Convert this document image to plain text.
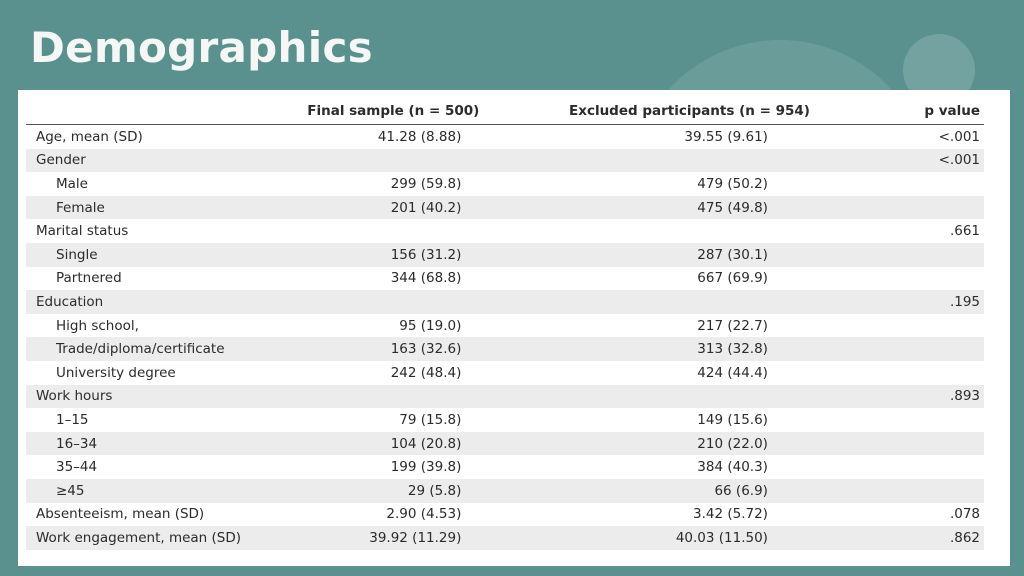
Demographics
	Final sample (n = 500)	Excluded participants (n = 954)	p value
Age, mean (SD)	41.28 (8.88)	39.55 (9.61)	<.001
Gender			<.001
Male	299 (59.8)	479 (50.2)	
Female	201 (40.2)	475 (49.8)	
Marital status			.661
Single	156 (31.2)	287 (30.1)	
Partnered	344 (68.8)	667 (69.9)	
Education			.195
High school,	95 (19.0)	217 (22.7)	
Trade/diploma/certificate	163 (32.6)	313 (32.8)	
University degree	242 (48.4)	424 (44.4)	
Work hours			.893
1–15	79 (15.8)	149 (15.6)	
16–34	104 (20.8)	210 (22.0)	
35–44	199 (39.8)	384 (40.3)	
≥45	29 (5.8)	66 (6.9)	
Absenteeism, mean (SD)	2.90 (4.53)	3.42 (5.72)	.078
Work engagement, mean (SD)	39.92 (11.29)	40.03 (11.50)	.862
